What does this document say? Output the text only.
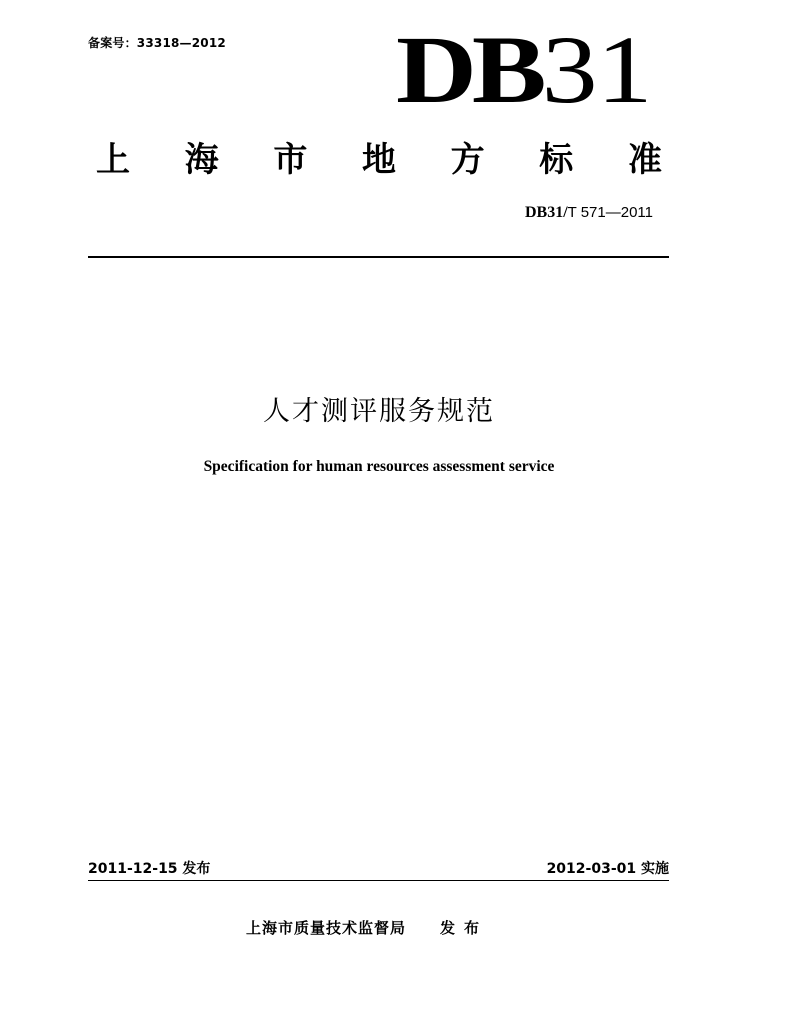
备案号：33318—2012 DB31
上 海 市 地 方 标 准
DB31/T 571—2011
人才测评服务规范
Specification for human resources assessment service
2011-12-15 发布	2012-03-01 实施
上海市质量技术监督局 发布
